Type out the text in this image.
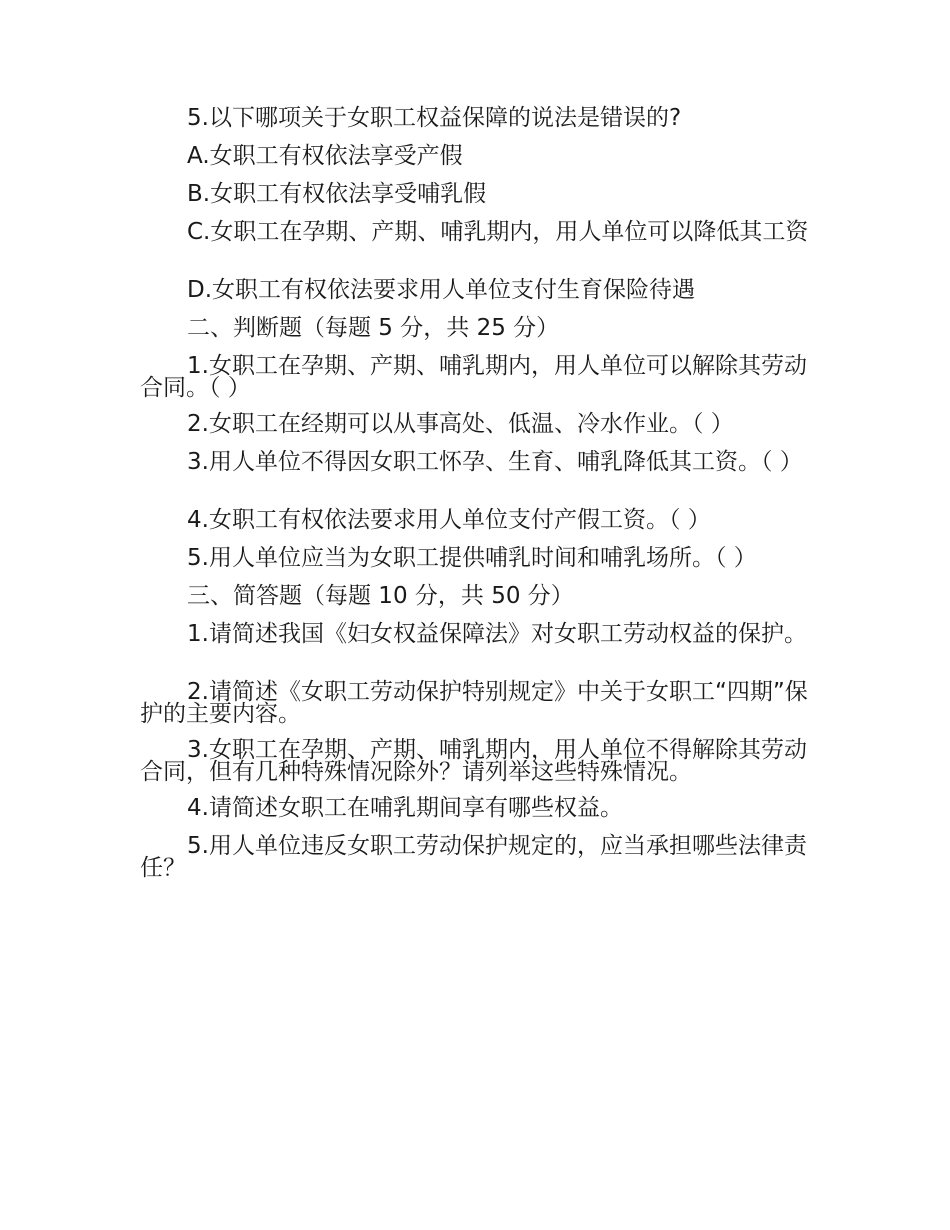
5.以下哪项关于女职工权益保障的说法是错误的?
A.女职工有权依法享受产假
B.女职工有权依法享受哺乳假
C.女职工在孕期、产期、哺乳期内，用人单位可以降低其工资
D.女职工有权依法要求用人单位支付生育保险待遇
二、判断题（每题 5 分，共 25 分）
1.女职工在孕期、产期、哺乳期内，用人单位可以解除其劳动合同。（ ）
2.女职工在经期可以从事高处、低温、冷水作业。（ ）
3.用人单位不得因女职工怀孕、生育、哺乳降低其工资。（ ）
4.女职工有权依法要求用人单位支付产假工资。（ ）
5.用人单位应当为女职工提供哺乳时间和哺乳场所。（ ）
三、简答题（每题 10 分，共 50 分）
1.请简述我国《妇女权益保障法》对女职工劳动权益的保护。
2.请简述《女职工劳动保护特别规定》中关于女职工“四期”保护的主要内容。
3.女职工在孕期、产期、哺乳期内，用人单位不得解除其劳动合同，但有几种特殊情况除外？请列举这些特殊情况。
4.请简述女职工在哺乳期间享有哪些权益。
5.用人单位违反女职工劳动保护规定的，应当承担哪些法律责任？
